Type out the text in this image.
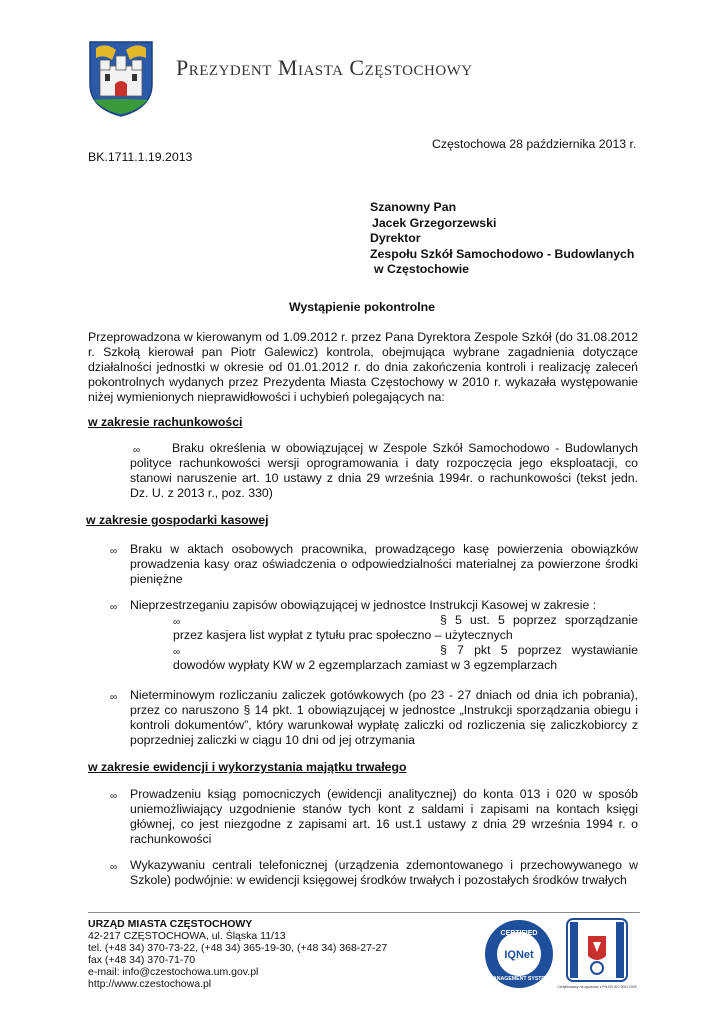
Prezydent Miasta Częstochowy
Częstochowa 28 października 2013 r.
BK.1711.1.19.2013
Szanowny Pan
Jacek Grzegorzewski
Dyrektor
Zespołu Szkół Samochodowo - Budowlanych
w Częstochowie
Wystąpienie pokontrolne
Przeprowadzona w kierowanym od 1.09.2012 r. przez Pana Dyrektora Zespole Szkół (do 31.08.2012 r. Szkołą kierował pan Piotr Galewicz) kontrola, obejmująca wybrane zagadnienia dotyczące działalności jednostki w okresie od 01.01.2012 r. do dnia zakończenia kontroli i realizację zaleceń pokontrolnych wydanych przez Prezydenta Miasta Częstochowy w 2010 r. wykazała występowanie niżej wymienionych nieprawidłowości i uchybień polegających na:
w zakresie rachunkowości
∞	Braku określenia w obowiązującej w Zespole Szkół Samochodowo - Budowlanych polityce rachunkowości wersji oprogramowania i daty rozpoczęcia jego eksploatacji, co stanowi naruszenie art. 10 ustawy z dnia 29 września 1994r. o rachunkowości (tekst jedn. Dz. U. z 2013 r., poz. 330)
w zakresie gospodarki kasowej
∞ Braku w aktach osobowych pracownika, prowadzącego kasę powierzenia obowiązków prowadzenia kasy oraz oświadczenia o odpowiedzialności materialnej za powierzone środki pieniężne
∞ Nieprzestrzeganiu zapisów obowiązującej w jednostce Instrukcji Kasowej w zakresie :
∞	§ 5 ust. 5 poprzez sporządzanie
przez kasjera list wypłat z tytułu prac społeczno – użytecznych
∞	§ 7 pkt 5 poprzez wystawianie
dowodów wypłaty KW w 2 egzemplarzach zamiast w 3 egzemplarzach
∞ Nieterminowym rozliczaniu zaliczek gotówkowych (po 23 - 27 dniach od dnia ich pobrania), przez co naruszono § 14 pkt. 1 obowiązującej w jednostce „Instrukcji sporządzania obiegu i kontroli dokumentów”, który warunkował wypłatę zaliczki od rozliczenia się zaliczkobiorcy z poprzedniej zaliczki w ciągu 10 dni od jej otrzymania
w zakresie ewidencji i wykorzystania majątku trwałego
∞ Prowadzeniu ksiąg pomocniczych (ewidencji analitycznej) do konta 013 i 020 w sposób uniemożliwiający uzgodnienie stanów tych kont z saldami i zapisami na kontach księgi głównej, co jest niezgodne z zapisami art. 16 ust.1 ustawy z dnia 29 września 1994 r. o rachunkowości
∞ Wykazywaniu centrali telefonicznej (urządzenia zdemontowanego i przechowywanego w Szkole) podwójnie: w ewidencji księgowej środków trwałych i pozostałych środków trwałych
URZĄD MIASTA CZĘSTOCHOWY
42-217 CZĘSTOCHOWA, ul. Śląska 11/13
tel. (+48 34) 370-73-22, (+48 34) 365-19-30, (+48 34) 368-27-27
fax (+48 34) 370-71-70
e-mail: info@czestochowa.um.gov.pl
http://www.czestochowa.pl
CERTIFIED
IQNet
MANAGEMENT SYSTEM
Certyfikowany na zgodność z PN-EN ISO 9001:2009
